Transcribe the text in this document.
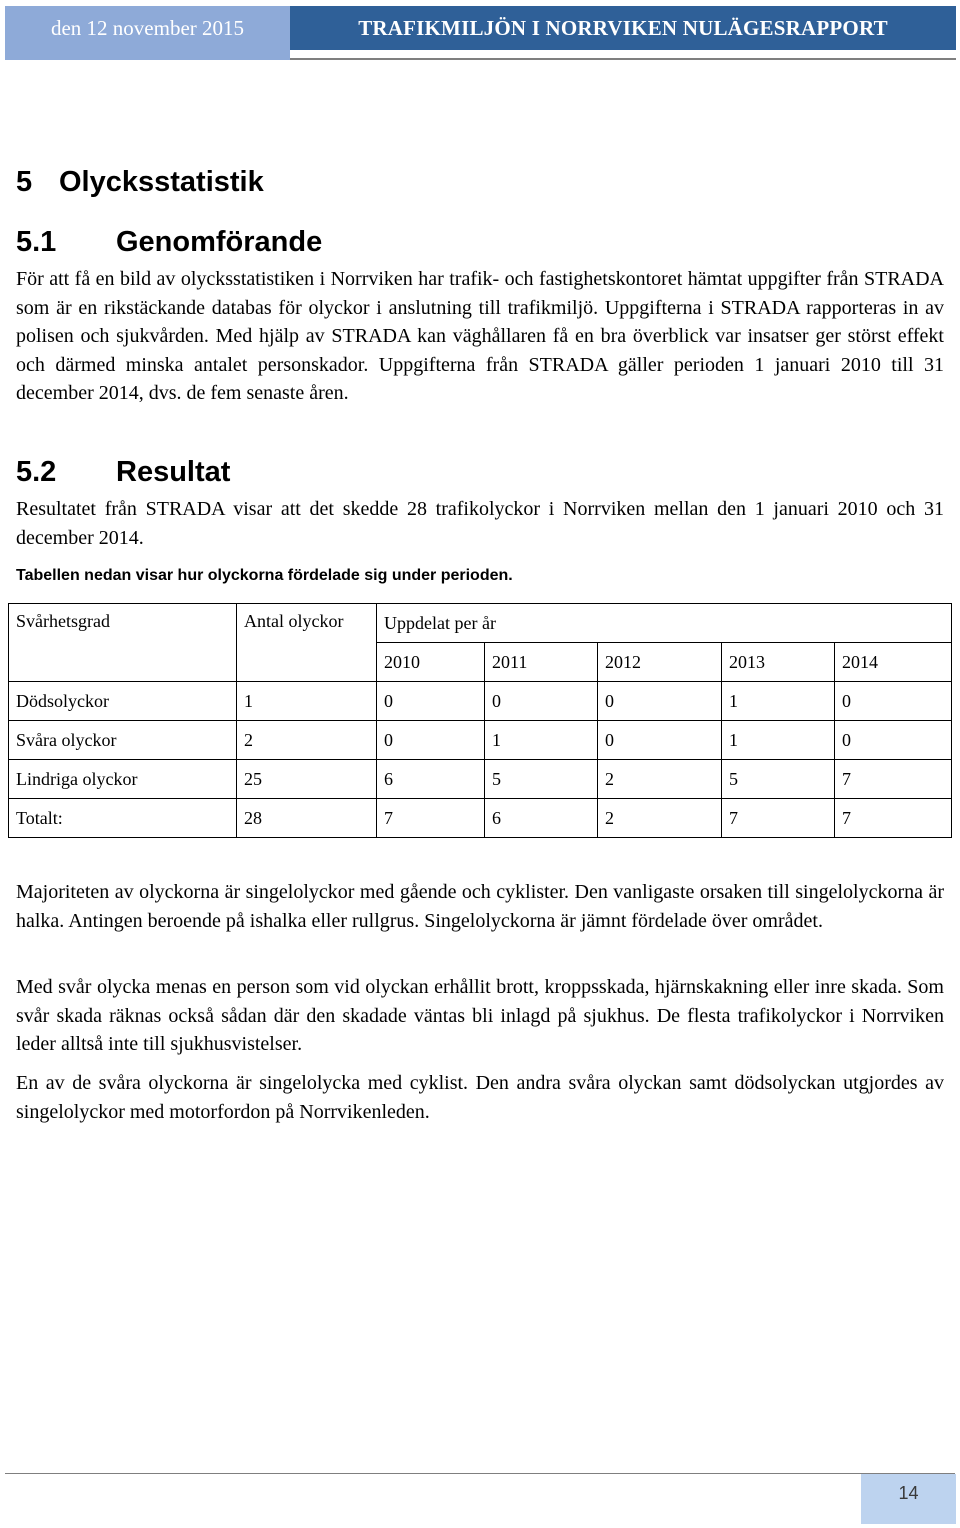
den 12 november 2015	TRAFIKMILJÖN I NORRVIKEN NULÄGESRAPPORT
5 Olycksstatistik
5.1 Genomförande

För att få en bild av olycksstatistiken i Norrviken har trafik- och fastighetskontoret hämtat uppgifter från STRADA som är en rikstäckande databas för olyckor i anslutning till trafikmiljö. Uppgifterna i STRADA rapporteras in av polisen och sjukvården. Med hjälp av STRADA kan väghållaren få en bra överblick var insatser ger störst effekt och därmed minska antalet personskador. Uppgifterna från STRADA gäller perioden 1 januari 2010 till 31 december 2014, dvs. de fem senaste åren.

5.2 Resultat

Resultatet från STRADA visar att det skedde 28 trafikolyckor i Norrviken mellan den 1 januari 2010 och 31 december 2014.

Tabellen nedan visar hur olyckorna fördelade sig under perioden.

Svårhetsgrad	Antal olyckor	Uppdelat per år				
		2010	2011	2012	2013	2014
Dödsolyckor	1	0	0	0	1	0
Svåra olyckor	2	0	1	0	1	0
Lindriga olyckor	25	6	5	2	5	7
Totalt:	28	7	6	2	7	7

Majoriteten av olyckorna är singelolyckor med gående och cyklister. Den vanligaste orsaken till singelolyckorna är halka. Antingen beroende på ishalka eller rullgrus. Singelolyckorna är jämnt fördelade över området.

Med svår olycka menas en person som vid olyckan erhållit brott, kroppsskada, hjärnskakning eller inre skada. Som svår skada räknas också sådan där den skadade väntas bli inlagd på sjukhus. De flesta trafikolyckor i Norrviken leder alltså inte till sjukhusvistelser.

En av de svåra olyckorna är singelolycka med cyklist. Den andra svåra olyckan samt dödsolyckan utgjordes av singelolyckor med motorfordon på Norrvikenleden.

14
